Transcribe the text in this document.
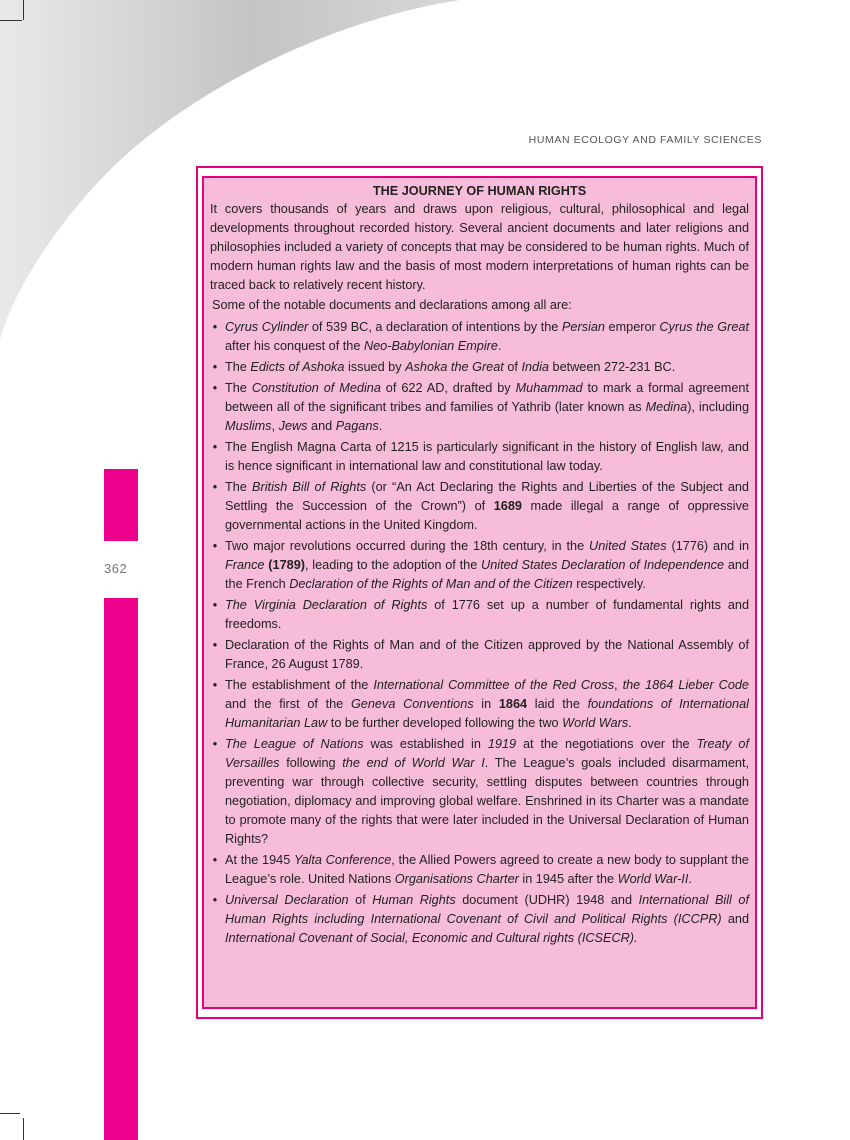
HUMAN ECOLOGY AND FAMILY SCIENCES
362

THE JOURNEY OF HUMAN RIGHTS

It covers thousands of years and draws upon religious, cultural, philosophical and legal developments throughout recorded history. Several ancient documents and later religions and philosophies included a variety of concepts that may be considered to be human rights. Much of modern human rights law and the basis of most modern interpretations of human rights can be traced back to relatively recent history.

Some of the notable documents and declarations among all are:

• Cyrus Cylinder of 539 BC, a declaration of intentions by the Persian emperor Cyrus the Great after his conquest of the Neo-Babylonian Empire.
• The Edicts of Ashoka issued by Ashoka the Great of India between 272-231 BC.
• The Constitution of Medina of 622 AD, drafted by Muhammad to mark a formal agreement between all of the significant tribes and families of Yathrib (later known as Medina), including Muslims, Jews and Pagans.
• The English Magna Carta of 1215 is particularly significant in the history of English law, and is hence significant in international law and constitutional law today.
• The British Bill of Rights (or “An Act Declaring the Rights and Liberties of the Subject and Settling the Succession of the Crown”) of 1689 made illegal a range of oppressive governmental actions in the United Kingdom.
• Two major revolutions occurred during the 18th century, in the United States (1776) and in France (1789), leading to the adoption of the United States Declaration of Independence and the French Declaration of the Rights of Man and of the Citizen respectively.
• The Virginia Declaration of Rights of 1776 set up a number of fundamental rights and freedoms.
• Declaration of the Rights of Man and of the Citizen approved by the National Assembly of France, 26 August 1789.
• The establishment of the International Committee of the Red Cross, the 1864 Lieber Code and the first of the Geneva Conventions in 1864 laid the foundations of International Humanitarian Law to be further developed following the two World Wars.
• The League of Nations was established in 1919 at the negotiations over the Treaty of Versailles following the end of World War I. The League’s goals included disarmament, preventing war through collective security, settling disputes between countries through negotiation, diplomacy and improving global welfare. Enshrined in its Charter was a mandate to promote many of the rights that were later included in the Universal Declaration of Human Rights?
• At the 1945 Yalta Conference, the Allied Powers agreed to create a new body to supplant the League’s role. United Nations Organisations Charter in 1945 after the World War-II.
• Universal Declaration of Human Rights document (UDHR) 1948 and International Bill of Human Rights including International Covenant of Civil and Political Rights (ICCPR) and International Covenant of Social, Economic and Cultural rights (ICSECR).
